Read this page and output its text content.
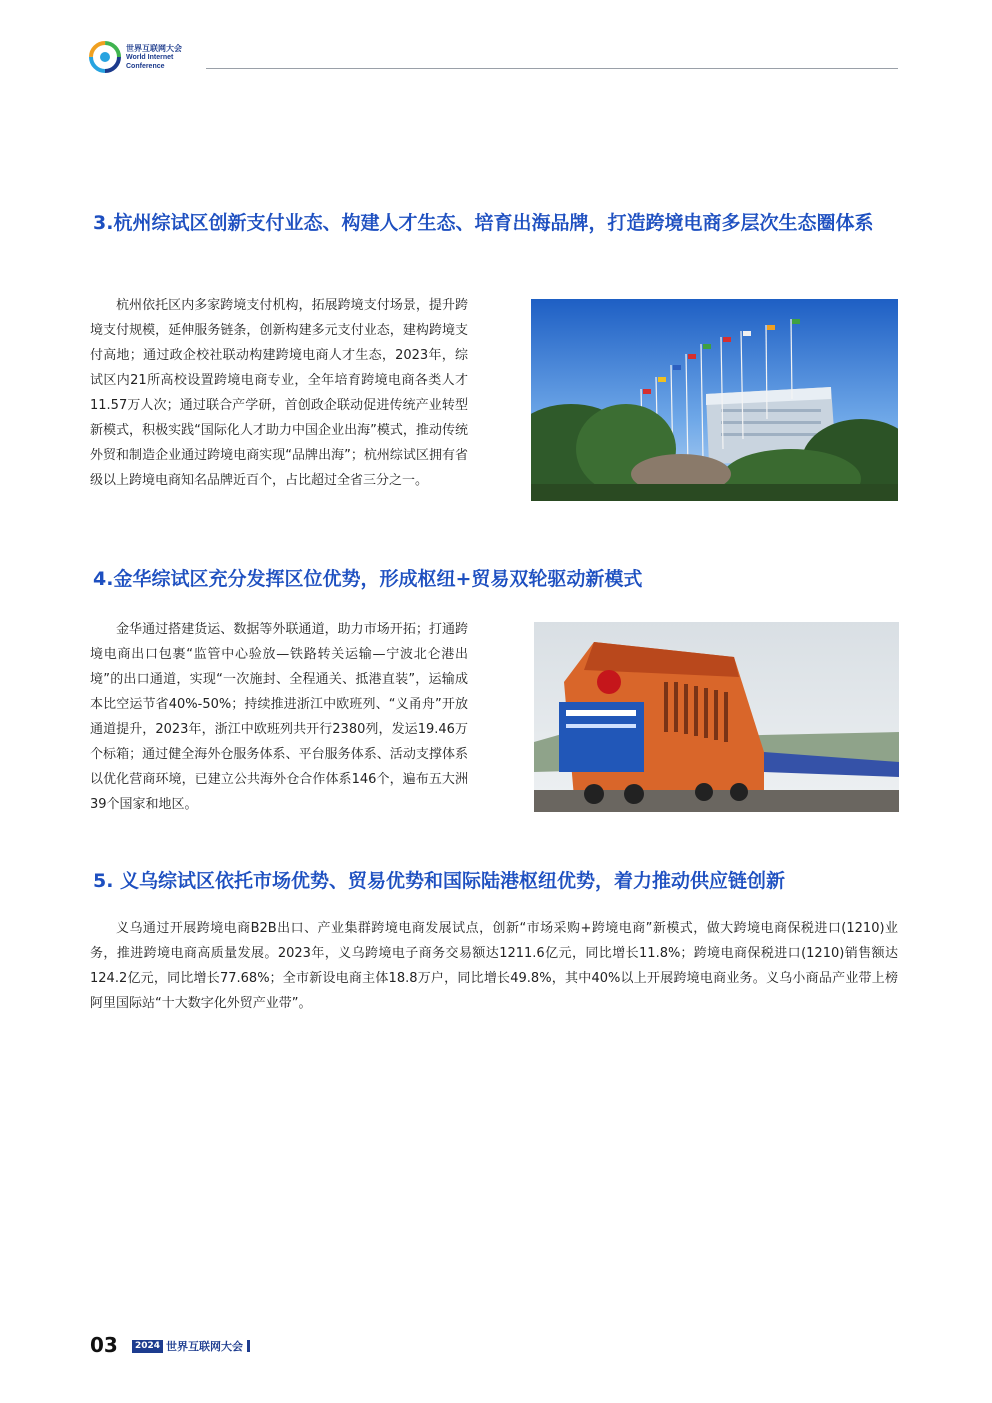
世界互联网大会
World Internet
Conference
3.杭州综试区创新支付业态、构建人才生态、培育出海品牌，打造跨境电商多层次生态圈体系

杭州依托区内多家跨境支付机构，拓展跨境支付场景，提升跨境支付规模，延伸服务链条，创新构建多元支付业态，建构跨境支付高地；通过政企校社联动构建跨境电商人才生态，2023年，综试区内21所高校设置跨境电商专业，全年培育跨境电商各类人才11.57万人次；通过联合产学研，首创政企联动促进传统产业转型新模式，积极实践“国际化人才助力中国企业出海”模式，推动传统外贸和制造企业通过跨境电商实现“品牌出海”；杭州综试区拥有省级以上跨境电商知名品牌近百个，占比超过全省三分之一。

4.金华综试区充分发挥区位优势，形成枢纽+贸易双轮驱动新模式

金华通过搭建货运、数据等外联通道，助力市场开拓；打通跨境电商出口包裹“监管中心验放—铁路转关运输—宁波北仑港出境”的出口通道，实现“一次施封、全程通关、抵港直装”，运输成本比空运节省40%-50%；持续推进浙江中欧班列、“义甬舟”开放通道提升，2023年，浙江中欧班列共开行2380列，发运19.46万个标箱；通过健全海外仓服务体系、平台服务体系、活动支撑体系以优化营商环境，已建立公共海外仓合作体系146个，遍布五大洲39个国家和地区。

5. 义乌综试区依托市场优势、贸易优势和国际陆港枢纽优势，着力推动供应链创新

义乌通过开展跨境电商B2B出口、产业集群跨境电商发展试点，创新“市场采购+跨境电商”新模式，做大跨境电商保税进口(1210)业务，推进跨境电商高质量发展。2023年，义乌跨境电子商务交易额达1211.6亿元，同比增长11.8%；跨境电商保税进口(1210)销售额达124.2亿元，同比增长77.68%；全市新设电商主体18.8万户，同比增长49.8%，其中40%以上开展跨境电商业务。义乌小商品产业带上榜阿里国际站“十大数字化外贸产业带”。

03	2024 世界互联网大会
